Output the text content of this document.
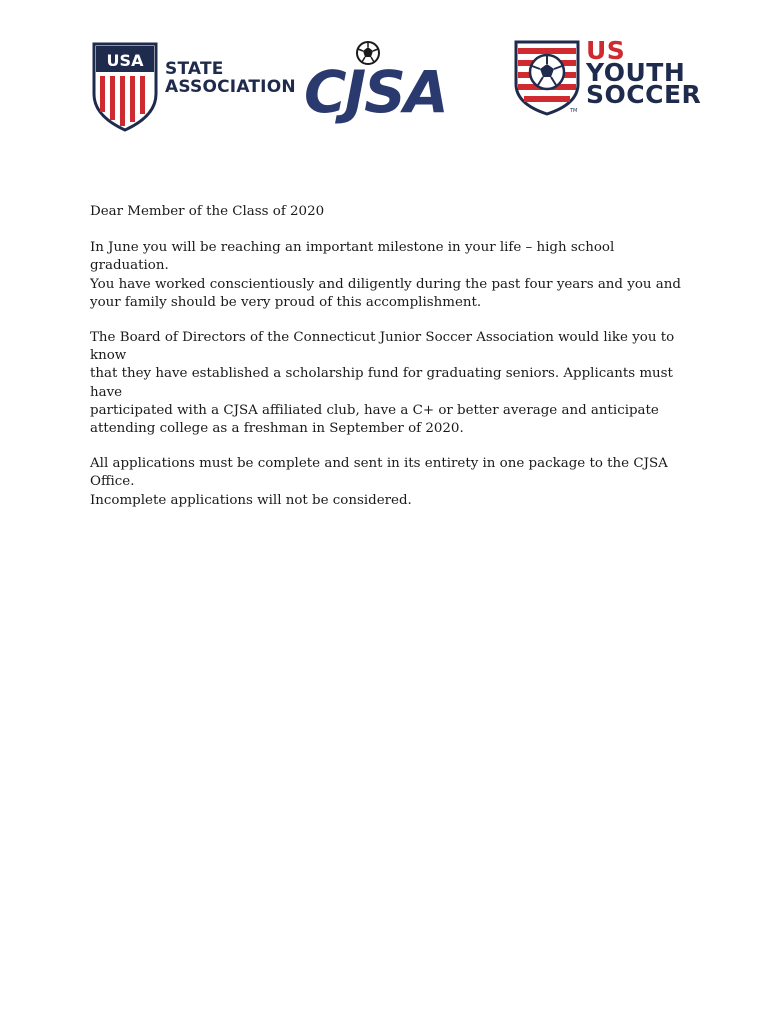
USA STATE
ASSOCIATION CJSA	TM
US
YOUTH
SOCCER

Dear Member of the Class of 2020

In June you will be reaching an important milestone in your life – high school graduation.
You have worked conscientiously and diligently during the past four years and you and
your family should be very proud of this accomplishment.

The Board of Directors of the Connecticut Junior Soccer Association would like you to know
that they have established a scholarship fund for graduating seniors. Applicants must have
participated with a CJSA affiliated club, have a C+ or better average and anticipate
attending college as a freshman in September of 2020.

All applications must be complete and sent in its entirety in one package to the CJSA Office.
Incomplete applications will not be considered.
